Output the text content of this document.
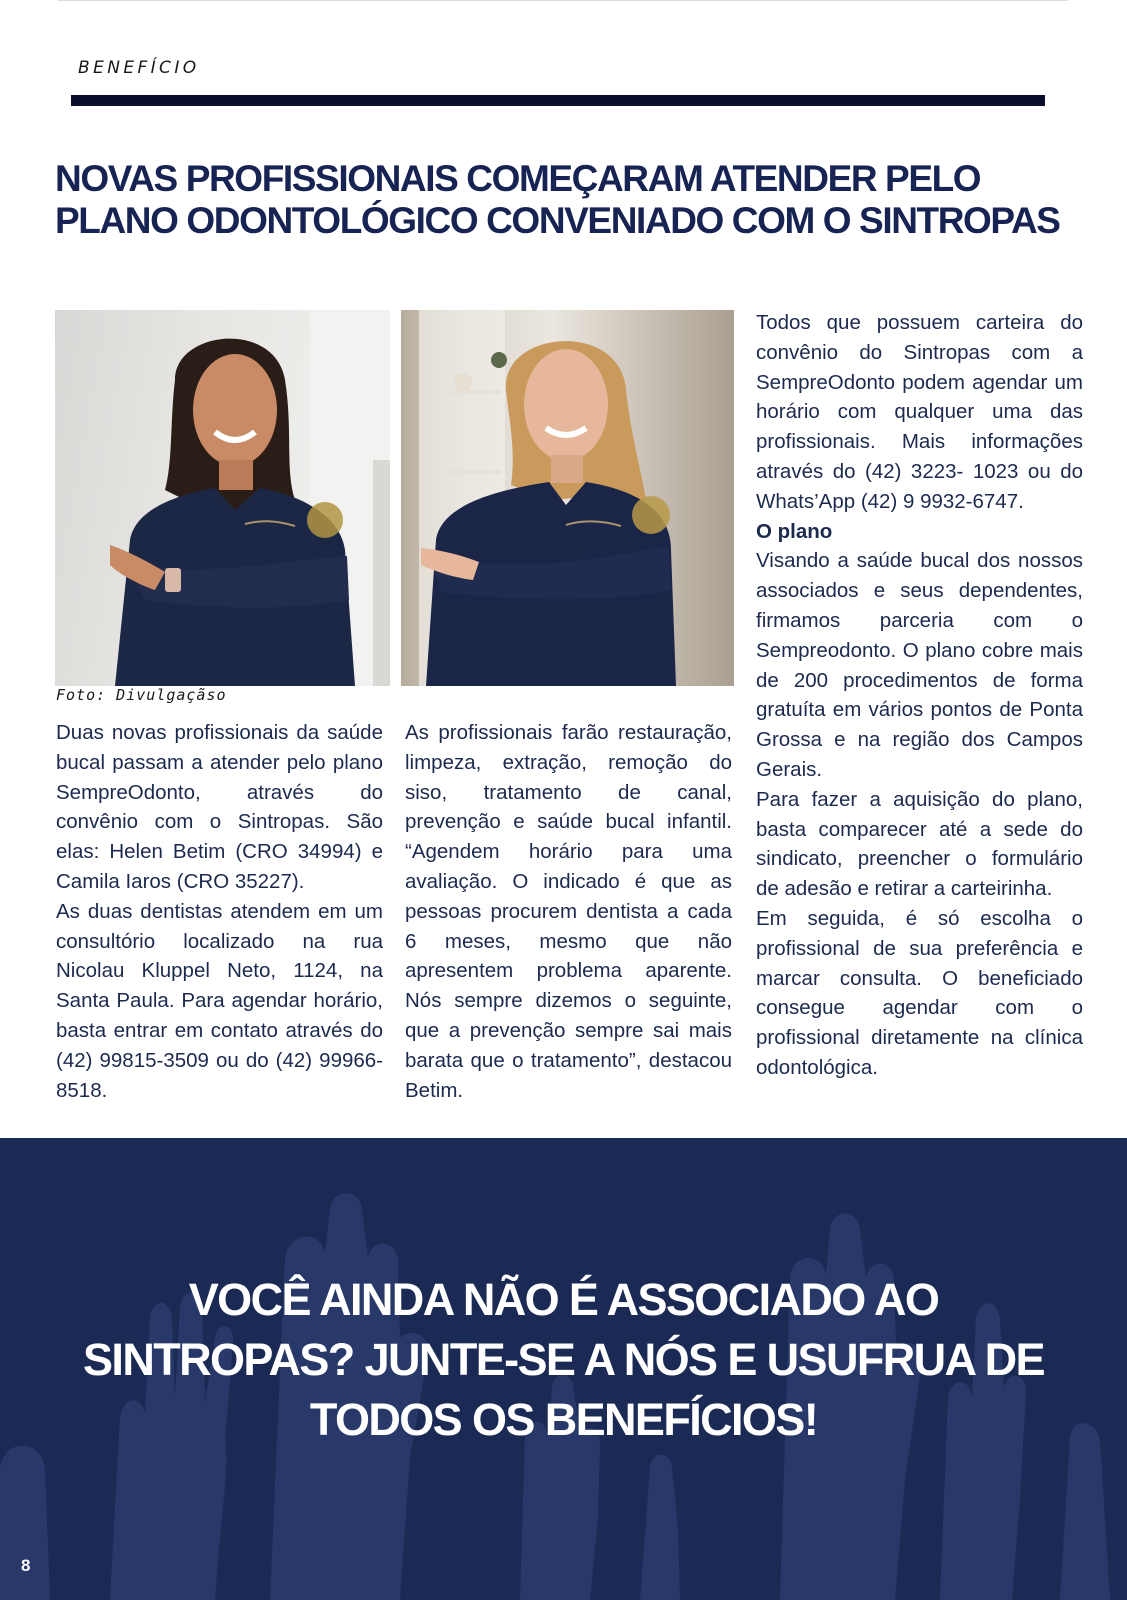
BENEFÍCIO
NOVAS PROFISSIONAIS COMEÇARAM ATENDER PELO PLANO ODONTOLÓGICO CONVENIADO COM O SINTROPAS
Foto: Divulgaçãso

Duas novas profissionais da saúde bucal passam a atender pelo plano SempreOdonto, através do convênio com o Sintropas. São elas: Helen Betim (CRO 34994) e Camila Iaros (CRO 35227).

As duas dentistas atendem em um consultório localizado na rua Nicolau Kluppel Neto, 1124, na Santa Paula. Para agendar horário, basta entrar em contato através do (42) 99815-3509 ou do (42) 99966-8518.

As profissionais farão restauração, limpeza, extração, remoção do siso, tratamento de canal, prevenção e saúde bucal infantil. “Agendem horário para uma avaliação. O indicado é que as pessoas procurem dentista a cada 6 meses, mesmo que não apresentem problema aparente. Nós sempre dizemos o seguinte, que a prevenção sempre sai mais barata que o tratamento”, destacou Betim.

Todos que possuem carteira do convênio do Sintropas com a SempreOdonto podem agendar um horário com qualquer uma das profissionais. Mais informações através do (42) 3223- 1023 ou do Whats’App (42) 9 9932-6747.

O plano

Visando a saúde bucal dos nossos associados e seus dependentes, firmamos parceria com o Sempreodonto. O plano cobre mais de 200 procedimentos de forma gratuíta em vários pontos de Ponta Grossa e na região dos Campos Gerais.

Para fazer a aquisição do plano, basta comparecer até a sede do sindicato, preencher o formulário de adesão e retirar a carteirinha.

Em seguida, é só escolha o profissional de sua preferência e marcar consulta. O beneficiado consegue agendar com o profissional diretamente na clínica odontológica.

VOCÊ AINDA NÃO É ASSOCIADO AO SINTROPAS? JUNTE-SE A NÓS E USUFRUA DE TODOS OS BENEFÍCIOS!
8
